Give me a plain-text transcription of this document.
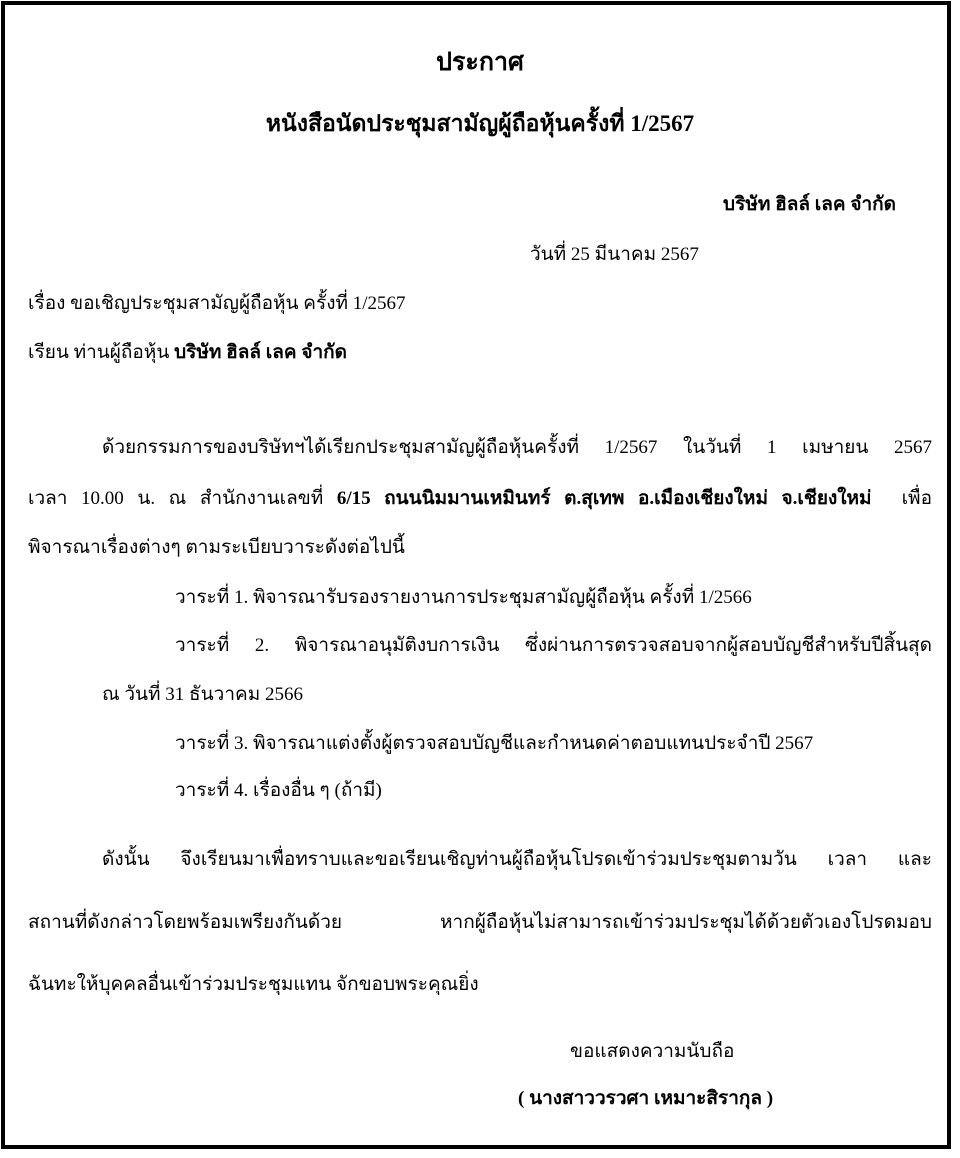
ประกาศ
หนังสือนัดประชุมสามัญผู้ถือหุ้นครั้งที่ 1/2567
บริษัท ฮิลล์ เลค จำกัด
วันที่ 25 มีนาคม 2567
เรื่อง ขอเชิญประชุมสามัญผู้ถือหุ้น ครั้งที่ 1/2567
เรียน ท่านผู้ถือหุ้น บริษัท ฮิลล์ เลค จำกัด
ด้วยกรรมการของบริษัทฯได้เรียกประชุมสามัญผู้ถือหุ้นครั้งที่ 1/2567 ในวันที่ 1 เมษายน 2567
เวลา 10.00 น. ณ สำนักงานเลขที่ 6/15 ถนนนิมมานเหมินทร์ ต.สุเทพ อ.เมืองเชียงใหม่ จ.เชียงใหม่ เพื่อ
พิจารณาเรื่องต่างๆ ตามระเบียบวาระดังต่อไปนี้
วาระที่ 1. พิจารณารับรองรายงานการประชุมสามัญผู้ถือหุ้น ครั้งที่ 1/2566
วาระที่ 2. พิจารณาอนุมัติงบการเงิน ซึ่งผ่านการตรวจสอบจากผู้สอบบัญชีสำหรับปีสิ้นสุด
ณ วันที่ 31 ธันวาคม 2566
วาระที่ 3. พิจารณาแต่งตั้งผู้ตรวจสอบบัญชีและกำหนดค่าตอบแทนประจำปี 2567
วาระที่ 4. เรื่องอื่น ๆ (ถ้ามี)
ดังนั้น จึงเรียนมาเพื่อทราบและขอเรียนเชิญท่านผู้ถือหุ้นโปรดเข้าร่วมประชุมตามวัน เวลา และ
สถานที่ดังกล่าวโดยพร้อมเพรียงกันด้วย หากผู้ถือหุ้นไม่สามารถเข้าร่วมประชุมได้ด้วยตัวเองโปรดมอบ
ฉันทะให้บุคคลอื่นเข้าร่วมประชุมแทน จักขอบพระคุณยิ่ง
ขอแสดงความนับถือ
( นางสาววรวศา เหมาะสิรากุล )
